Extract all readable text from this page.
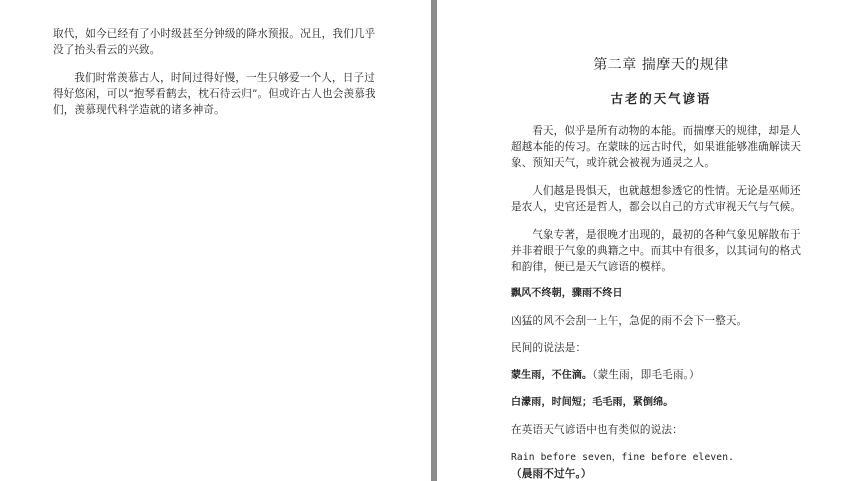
取代，如今已经有了小时级甚至分钟级的降水预报。况且，我们几乎没了抬头看云的兴致。

我们时常羡慕古人，时间过得好慢，一生只够爱一个人，日子过得好悠闲，可以“抱琴看鹤去，枕石待云归”。但或许古人也会羡慕我们，羡慕现代科学造就的诸多神奇。

第二章 揣摩天的规律
古老的天气谚语

看天，似乎是所有动物的本能。而揣摩天的规律，却是人超越本能的传习。在蒙昧的远古时代，如果谁能够准确解读天象、预知天气，或许就会被视为通灵之人。

人们越是畏惧天，也就越想参透它的性情。无论是巫师还是农人，史官还是哲人，都会以自己的方式审视天气与气候。

气象专著，是很晚才出现的，最初的各种气象见解散布于并非着眼于气象的典籍之中。而其中有很多，以其词句的格式和韵律，便已是天气谚语的模样。

飘风不终朝，骤雨不终日

凶猛的风不会刮一上午，急促的雨不会下一整天。

民间的说法是：

蒙生雨，不住滴。（蒙生雨，即毛毛雨。）

白濛雨，时间短；毛毛雨，紧倒绵。

在英语天气谚语中也有类似的说法：

Rain before seven，fine before eleven.（晨雨不过午。）
